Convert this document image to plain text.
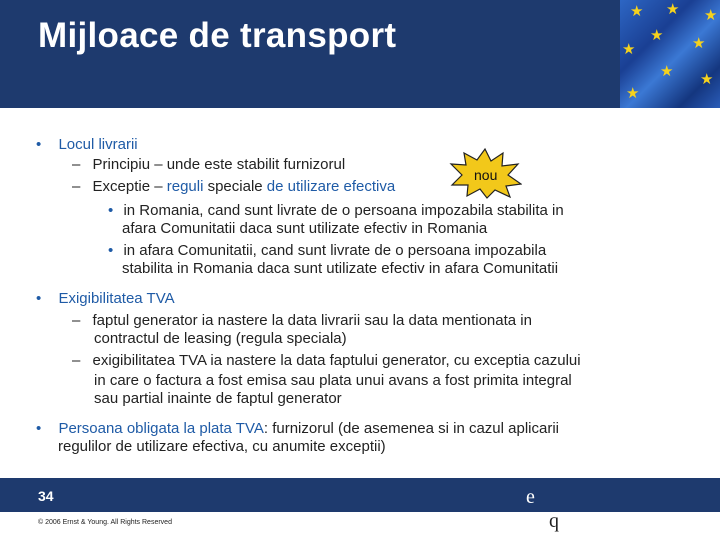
Mijloace de transport
★ ★ ★
★
★ ★
★
★ ★
• Locul livrarii
– Principiu – unde este stabilit furnizorul
– Exceptie – reguli speciale de utilizare efectiva
• in Romania, cand sunt livrate de o persoana impozabila stabilita in
afara Comunitatii daca sunt utilizate efectiv in Romania
• in afara Comunitatii, cand sunt livrate de o persoana impozabila
stabilita in Romania daca sunt utilizate efectiv in afara Comunitatii
• Exigibilitatea TVA
– faptul generator ia nastere la data livrarii sau la data mentionata in
contractul de leasing (regula speciala)
– exigibilitatea TVA ia nastere la data faptului generator, cu exceptia cazului
in care o factura a fost emisa sau plata unui avans a fost primita integral
sau partial inainte de faptul generator
• Persoana obligata la plata TVA: furnizorul (de asemenea si in cazul aplicarii
regulilor de utilizare efectiva, cu anumite exceptii)
nou
34
© 2006 Ernst & Young. All Rights Reserved
e
q
